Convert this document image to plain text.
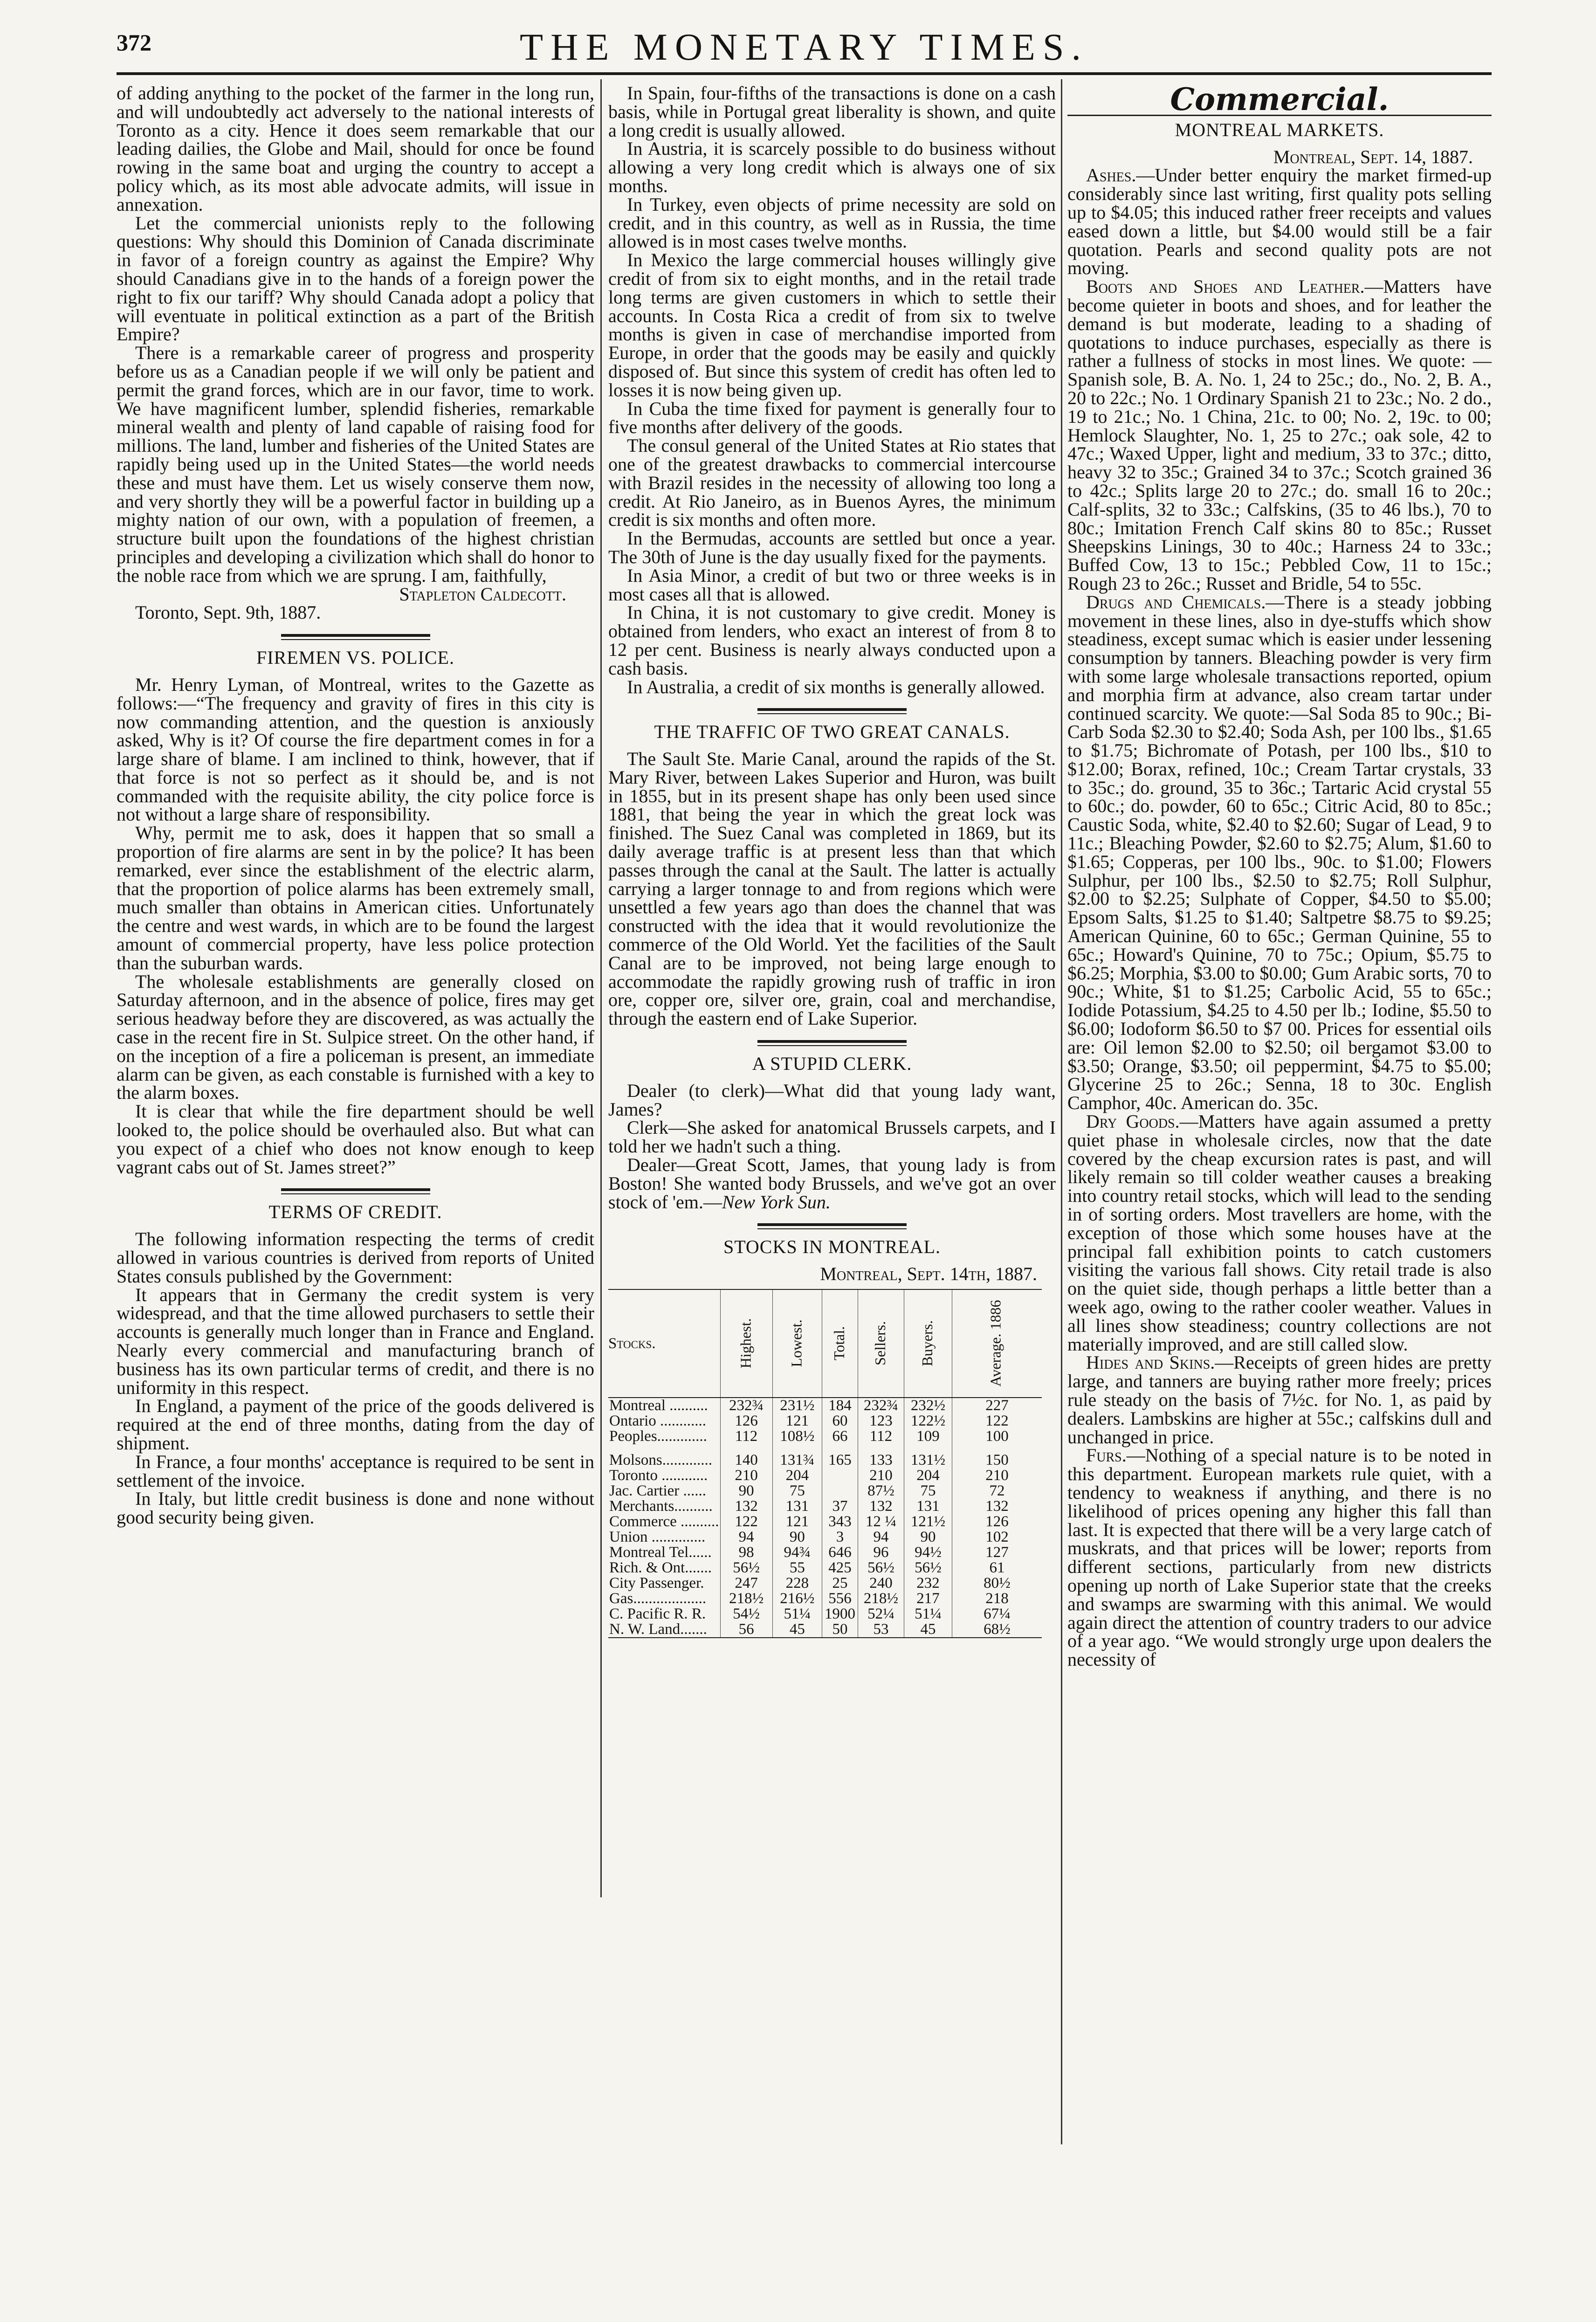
372	THE MONETARY TIMES.

of adding anything to the pocket of the farmer in the long run, and will undoubtedly act adversely to the national interests of Toronto as a city. Hence it does seem remarkable that our leading dailies, the Globe and Mail, should for once be found rowing in the same boat and urging the country to accept a policy which, as its most able advocate admits, will issue in annexation.

Let the commercial unionists reply to the following questions: Why should this Dominion of Canada discriminate in favor of a foreign country as against the Empire? Why should Canadians give in to the hands of a foreign power the right to fix our tariff? Why should Canada adopt a policy that will eventuate in political extinction as a part of the British Empire?

There is a remarkable career of progress and prosperity before us as a Canadian people if we will only be patient and permit the grand forces, which are in our favor, time to work. We have magnificent lumber, splendid fisheries, remarkable mineral wealth and plenty of land capable of raising food for millions. The land, lumber and fisheries of the United States are rapidly being used up in the United States—the world needs these and must have them. Let us wisely conserve them now, and very shortly they will be a powerful factor in building up a mighty nation of our own, with a population of freemen, a structure built upon the foundations of the highest christian principles and developing a civilization which shall do honor to the noble race from which we are sprung. I am, faithfully,

Stapleton Caldecott.

Toronto, Sept. 9th, 1887.

FIREMEN VS. POLICE.

Mr. Henry Lyman, of Montreal, writes to the Gazette as follows:—“The frequency and gravity of fires in this city is now commanding attention, and the question is anxiously asked, Why is it? Of course the fire department comes in for a large share of blame. I am inclined to think, however, that if that force is not so perfect as it should be, and is not commanded with the requisite ability, the city police force is not without a large share of responsibility.

Why, permit me to ask, does it happen that so small a proportion of fire alarms are sent in by the police? It has been remarked, ever since the establishment of the electric alarm, that the proportion of police alarms has been extremely small, much smaller than obtains in American cities. Unfortunately the centre and west wards, in which are to be found the largest amount of commercial property, have less police protection than the suburban wards.

The wholesale establishments are generally closed on Saturday afternoon, and in the absence of police, fires may get serious headway before they are discovered, as was actually the case in the recent fire in St. Sulpice street. On the other hand, if on the inception of a fire a policeman is present, an immediate alarm can be given, as each constable is furnished with a key to the alarm boxes.

It is clear that while the fire department should be well looked to, the police should be overhauled also. But what can you expect of a chief who does not know enough to keep vagrant cabs out of St. James street?”

TERMS OF CREDIT.

The following information respecting the terms of credit allowed in various countries is derived from reports of United States consuls published by the Government:

It appears that in Germany the credit system is very widespread, and that the time allowed purchasers to settle their accounts is generally much longer than in France and England. Nearly every commercial and manufacturing branch of business has its own particular terms of credit, and there is no uniformity in this respect.

In England, a payment of the price of the goods delivered is required at the end of three months, dating from the day of shipment.

In France, a four months' acceptance is required to be sent in settlement of the invoice.

In Italy, but little credit business is done and none without good security being given.

In Spain, four-fifths of the transactions is done on a cash basis, while in Portugal great liberality is shown, and quite a long credit is usually allowed.

In Austria, it is scarcely possible to do business without allowing a very long credit which is always one of six months.

In Turkey, even objects of prime necessity are sold on credit, and in this country, as well as in Russia, the time allowed is in most cases twelve months.

In Mexico the large commercial houses willingly give credit of from six to eight months, and in the retail trade long terms are given customers in which to settle their accounts. In Costa Rica a credit of from six to twelve months is given in case of merchandise imported from Europe, in order that the goods may be easily and quickly disposed of. But since this system of credit has often led to losses it is now being given up.

In Cuba the time fixed for payment is generally four to five months after delivery of the goods.

The consul general of the United States at Rio states that one of the greatest drawbacks to commercial intercourse with Brazil resides in the necessity of allowing too long a credit. At Rio Janeiro, as in Buenos Ayres, the minimum credit is six months and often more.

In the Bermudas, accounts are settled but once a year. The 30th of June is the day usually fixed for the payments.

In Asia Minor, a credit of but two or three weeks is in most cases all that is allowed.

In China, it is not customary to give credit. Money is obtained from lenders, who exact an interest of from 8 to 12 per cent. Business is nearly always conducted upon a cash basis.

In Australia, a credit of six months is generally allowed.

THE TRAFFIC OF TWO GREAT CANALS.

The Sault Ste. Marie Canal, around the rapids of the St. Mary River, between Lakes Superior and Huron, was built in 1855, but in its present shape has only been used since 1881, that being the year in which the great lock was finished. The Suez Canal was completed in 1869, but its daily average traffic is at present less than that which passes through the canal at the Sault. The latter is actually carrying a larger tonnage to and from regions which were unsettled a few years ago than does the channel that was constructed with the idea that it would revolutionize the commerce of the Old World. Yet the facilities of the Sault Canal are to be improved, not being large enough to accommodate the rapidly growing rush of traffic in iron ore, copper ore, silver ore, grain, coal and merchandise, through the eastern end of Lake Superior.

A STUPID CLERK.

Dealer (to clerk)—What did that young lady want, James?

Clerk—She asked for anatomical Brussels carpets, and I told her we hadn't such a thing.

Dealer—Great Scott, James, that young lady is from Boston! She wanted body Brussels, and we've got an over stock of 'em.—New York Sun.

STOCKS IN MONTREAL.

Montreal, Sept. 14th, 1887.

Stocks.	Highest.	Lowest.	Total.	Sellers.	Buyers.	Average. 1886
Montreal ..........	232¾	231½	184	232¾	232½	227
Ontario ............	126	121	60	123	122½	122
Peoples.............	112	108½	66	112	109	100
Molsons.............	140	131¾	165	133	131½	150
Toronto ............	210	204		210	204	210
Jac. Cartier ......	90	75		87½	75	72
Merchants..........	132	131	37	132	131	132
Commerce ..........	122	121	343	12 ¼	121½	126
Union ..............	94	90	3	94	90	102
Montreal Tel......	98	94¾	646	96	94½	127
Rich. & Ont.......	56½	55	425	56½	56½	61
City Passenger.	247	228	25	240	232	80½
Gas...................	218½	216½	556	218½	217	218
C. Pacific R. R.	54½	51¼	1900	52¼	51¼	67¼
N. W. Land.......	56	45	50	53	45	68½
Commercial.
MONTREAL MARKETS.

Montreal, Sept. 14, 1887.

Ashes.—Under better enquiry the market firmed-up considerably since last writing, first quality pots selling up to $4.05; this induced rather freer receipts and values eased down a little, but $4.00 would still be a fair quotation. Pearls and second quality pots are not moving.

Boots and Shoes and Leather.—Matters have become quieter in boots and shoes, and for leather the demand is but moderate, leading to a shading of quotations to induce purchases, especially as there is rather a fullness of stocks in most lines. We quote: —Spanish sole, B. A. No. 1, 24 to 25c.; do., No. 2, B. A., 20 to 22c.; No. 1 Ordinary Spanish 21 to 23c.; No. 2 do., 19 to 21c.; No. 1 China, 21c. to 00; No. 2, 19c. to 00; Hemlock Slaughter, No. 1, 25 to 27c.; oak sole, 42 to 47c.; Waxed Upper, light and medium, 33 to 37c.; ditto, heavy 32 to 35c.; Grained 34 to 37c.; Scotch grained 36 to 42c.; Splits large 20 to 27c.; do. small 16 to 20c.; Calf-splits, 32 to 33c.; Calfskins, (35 to 46 lbs.), 70 to 80c.; Imitation French Calf skins 80 to 85c.; Russet Sheepskins Linings, 30 to 40c.; Harness 24 to 33c.; Buffed Cow, 13 to 15c.; Pebbled Cow, 11 to 15c.; Rough 23 to 26c.; Russet and Bridle, 54 to 55c.

Drugs and Chemicals.—There is a steady jobbing movement in these lines, also in dye-stuffs which show steadiness, except sumac which is easier under lessening consumption by tanners. Bleaching powder is very firm with some large wholesale transactions reported, opium and morphia firm at advance, also cream tartar under continued scarcity. We quote:—Sal Soda 85 to 90c.; Bi-Carb Soda $2.30 to $2.40; Soda Ash, per 100 lbs., $1.65 to $1.75; Bichromate of Potash, per 100 lbs., $10 to $12.00; Borax, refined, 10c.; Cream Tartar crystals, 33 to 35c.; do. ground, 35 to 36c.; Tartaric Acid crystal 55 to 60c.; do. powder, 60 to 65c.; Citric Acid, 80 to 85c.; Caustic Soda, white, $2.40 to $2.60; Sugar of Lead, 9 to 11c.; Bleaching Powder, $2.60 to $2.75; Alum, $1.60 to $1.65; Copperas, per 100 lbs., 90c. to $1.00; Flowers Sulphur, per 100 lbs., $2.50 to $2.75; Roll Sulphur, $2.00 to $2.25; Sulphate of Copper, $4.50 to $5.00; Epsom Salts, $1.25 to $1.40; Saltpetre $8.75 to $9.25; American Quinine, 60 to 65c.; German Quinine, 55 to 65c.; Howard's Quinine, 70 to 75c.; Opium, $5.75 to $6.25; Morphia, $3.00 to $0.00; Gum Arabic sorts, 70 to 90c.; White, $1 to $1.25; Carbolic Acid, 55 to 65c.; Iodide Potassium, $4.25 to 4.50 per lb.; Iodine, $5.50 to $6.00; Iodoform $6.50 to $7 00. Prices for essential oils are: Oil lemon $2.00 to $2.50; oil bergamot $3.00 to $3.50; Orange, $3.50; oil peppermint, $4.75 to $5.00; Glycerine 25 to 26c.; Senna, 18 to 30c. English Camphor, 40c. American do. 35c.

Dry Goods.—Matters have again assumed a pretty quiet phase in wholesale circles, now that the date covered by the cheap excursion rates is past, and will likely remain so till colder weather causes a breaking into country retail stocks, which will lead to the sending in of sorting orders. Most travellers are home, with the exception of those which some houses have at the principal fall exhibition points to catch customers visiting the various fall shows. City retail trade is also on the quiet side, though perhaps a little better than a week ago, owing to the rather cooler weather. Values in all lines show steadiness; country collections are not materially improved, and are still called slow.

Hides and Skins.—Receipts of green hides are pretty large, and tanners are buying rather more freely; prices rule steady on the basis of 7½c. for No. 1, as paid by dealers. Lambskins are higher at 55c.; calfskins dull and unchanged in price.

Furs.—Nothing of a special nature is to be noted in this department. European markets rule quiet, with a tendency to weakness if anything, and there is no likelihood of prices opening any higher this fall than last. It is expected that there will be a very large catch of muskrats, and that prices will be lower; reports from different sections, particularly from new districts opening up north of Lake Superior state that the creeks and swamps are swarming with this animal. We would again direct the attention of country traders to our advice of a year ago. “We would strongly urge upon dealers the necessity of
